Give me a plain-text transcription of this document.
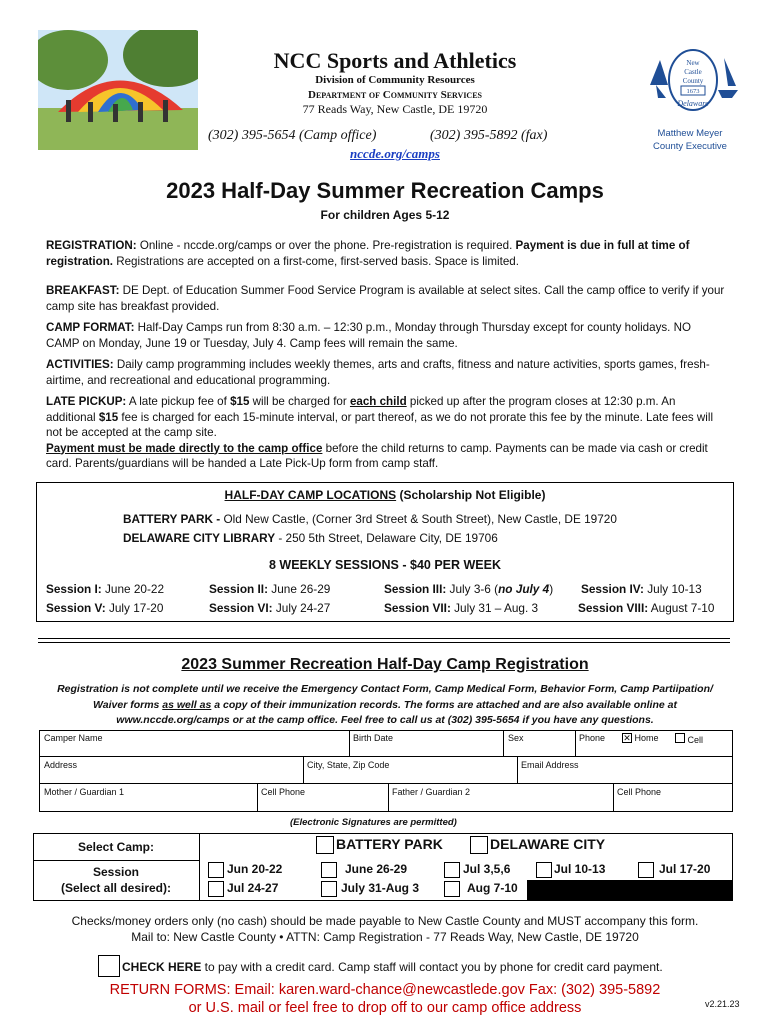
NCC Sports and Athletics
Division of Community Resources
Department of Community Services
77 Reads Way, New Castle, DE 19720
(302) 395-5654 (Camp office)	(302) 395-5892 (fax)
nccde.org/camps
New
Castle
County
1673
Delaware
Matthew Meyer
County Executive
2023 Half-Day Summer Recreation Camps
For children Ages 5-12
REGISTRATION: Online - nccde.org/camps or over the phone. Pre-registration is required. Payment is due in full at time of registration. Registrations are accepted on a first-come, first-served basis. Space is limited.
BREAKFAST: DE Dept. of Education Summer Food Service Program is available at select sites. Call the camp office to verify if your camp site has breakfast provided.
CAMP FORMAT: Half-Day Camps run from 8:30 a.m. – 12:30 p.m., Monday through Thursday except for county holidays. NO CAMP on Monday, June 19 or Tuesday, July 4. Camp fees will remain the same.
ACTIVITIES: Daily camp programming includes weekly themes, arts and crafts, fitness and nature activities, sports games, fresh-airtime, and recreational and educational programming.
LATE PICKUP: A late pickup fee of $15 will be charged for each child picked up after the program closes at 12:30 p.m. An additional $15 fee is charged for each 15-minute interval, or part thereof, as we do not prorate this fee by the minute. Late fees will not be accepted at the camp site.
Payment must be made directly to the camp office before the child returns to camp. Payments can be made via cash or credit card. Parents/guardians will be handed a Late Pick-Up form from camp staff.
HALF-DAY CAMP LOCATIONS (Scholarship Not Eligible)
BATTERY PARK - Old New Castle, (Corner 3rd Street & South Street), New Castle, DE 19720
DELAWARE CITY LIBRARY - 250 5th Street, Delaware City, DE 19706
8 WEEKLY SESSIONS - $40 PER WEEK
Session I: June 20-22	Session II: June 26-29	Session III: July 3-6 (no July 4) Session IV: July 10-13
Session V: July 17-20	Session VI: July 24-27	Session VII: July 31 – Aug. 3	Session VIII: August 7-10
2023 Summer Recreation Half-Day Camp Registration
Registration is not complete until we receive the Emergency Contact Form, Camp Medical Form, Behavior Form, Camp Partiipation/
Waiver forms as well as a copy of their immunization records. The forms are attached and are also available online at
www.nccde.org/camps or at the camp office. Feel free to call us at (302) 395-5654 if you have any questions.
Camper Name	Birth Date	Sex	Phone ✕ Home	Cell
Address	City, State, Zip Code	Email Address
Mother / Guardian 1	Cell Phone	Father / Guardian 2	Cell Phone
(Electronic Signatures are permitted)
Select Camp:
Session
(Select all desired):
BATTERY PARK	DELAWARE CITY
Jun 20-22	June 26-29	Jul 3,5,6	Jul 10-13	Jul 17-20
Jul 24-27	July 31-Aug 3	Aug 7-10
Checks/money orders only (no cash) should be made payable to New Castle County and MUST accompany this form.
Mail to: New Castle County • ATTN: Camp Registration - 77 Reads Way, New Castle, DE 19720
CHECK HERE to pay with a credit card. Camp staff will contact you by phone for credit card payment.
RETURN FORMS: Email: karen.ward-chance@newcastlede.gov Fax: (302) 395-5892
or U.S. mail or feel free to drop off to our camp office address	v2.21.23
